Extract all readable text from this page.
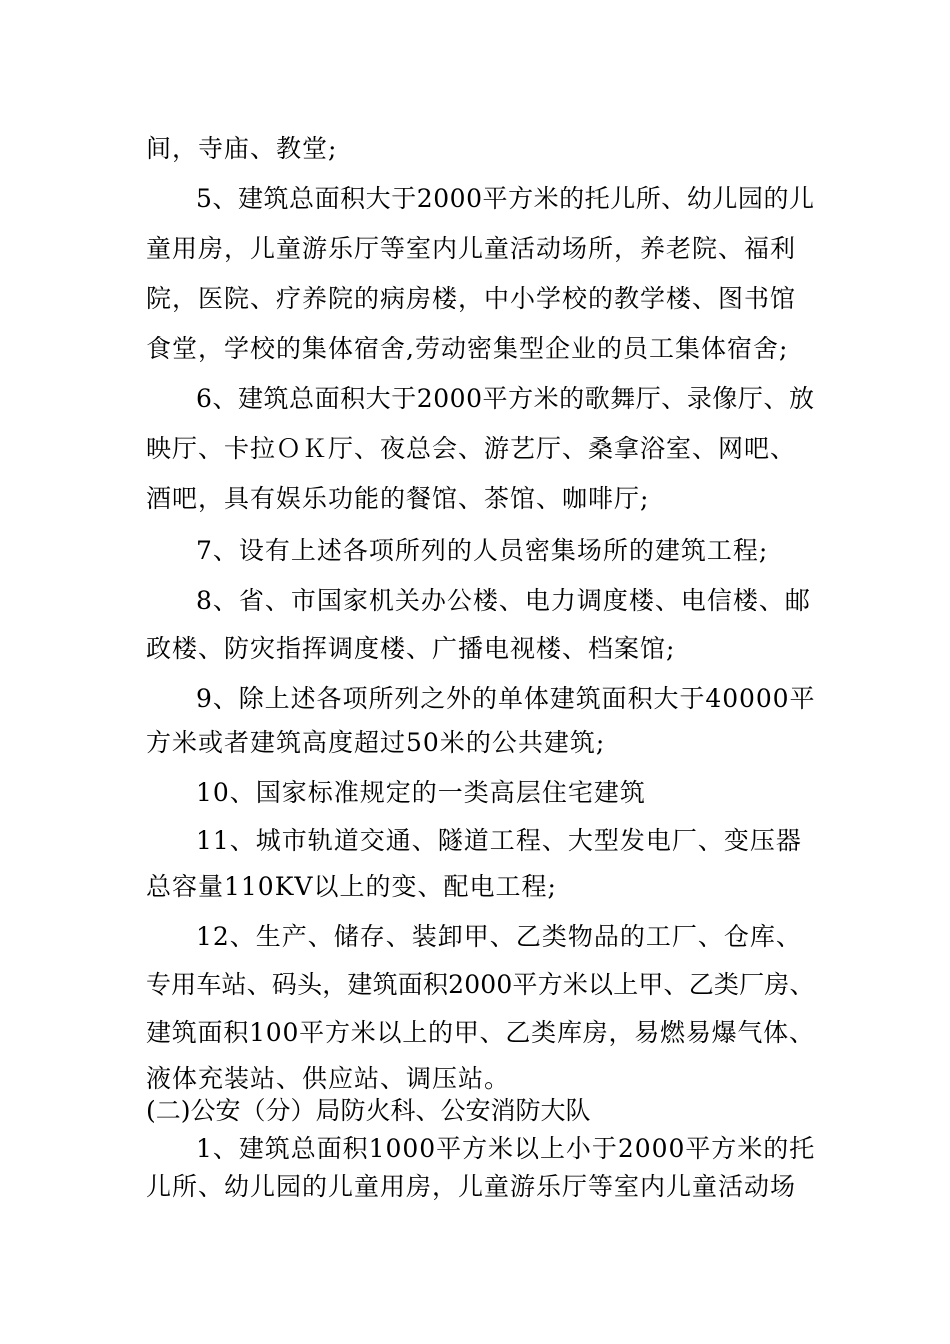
间，寺庙、教堂;
5、建筑总面积大于2000平方米的托儿所、幼儿园的儿
童用房，儿童游乐厅等室内儿童活动场所，养老院、福利
院，医院、疗养院的病房楼，中小学校的教学楼、图书馆
食堂，学校的集体宿舍,劳动密集型企业的员工集体宿舍;
6、建筑总面积大于2000平方米的歌舞厅、录像厅、放
映厅、卡拉ＯＫ厅、夜总会、游艺厅、桑拿浴室、网吧、
酒吧，具有娱乐功能的餐馆、茶馆、咖啡厅;
7、设有上述各项所列的人员密集场所的建筑工程;
8、省、市国家机关办公楼、电力调度楼、电信楼、邮
政楼、防灾指挥调度楼、广播电视楼、档案馆;
9、除上述各项所列之外的单体建筑面积大于40000平
方米或者建筑高度超过50米的公共建筑;
10、国家标准规定的一类高层住宅建筑
11、城市轨道交通、隧道工程、大型发电厂、变压器
总容量110KV以上的变、配电工程;
12、生产、储存、装卸甲、乙类物品的工厂、仓库、
专用车站、码头，建筑面积2000平方米以上甲、乙类厂房、
建筑面积100平方米以上的甲、乙类库房，易燃易爆气体、
液体充装站、供应站、调压站。
(二)公安（分）局防火科、公安消防大队
1、建筑总面积1000平方米以上小于2000平方米的托
儿所、幼儿园的儿童用房，儿童游乐厅等室内儿童活动场
